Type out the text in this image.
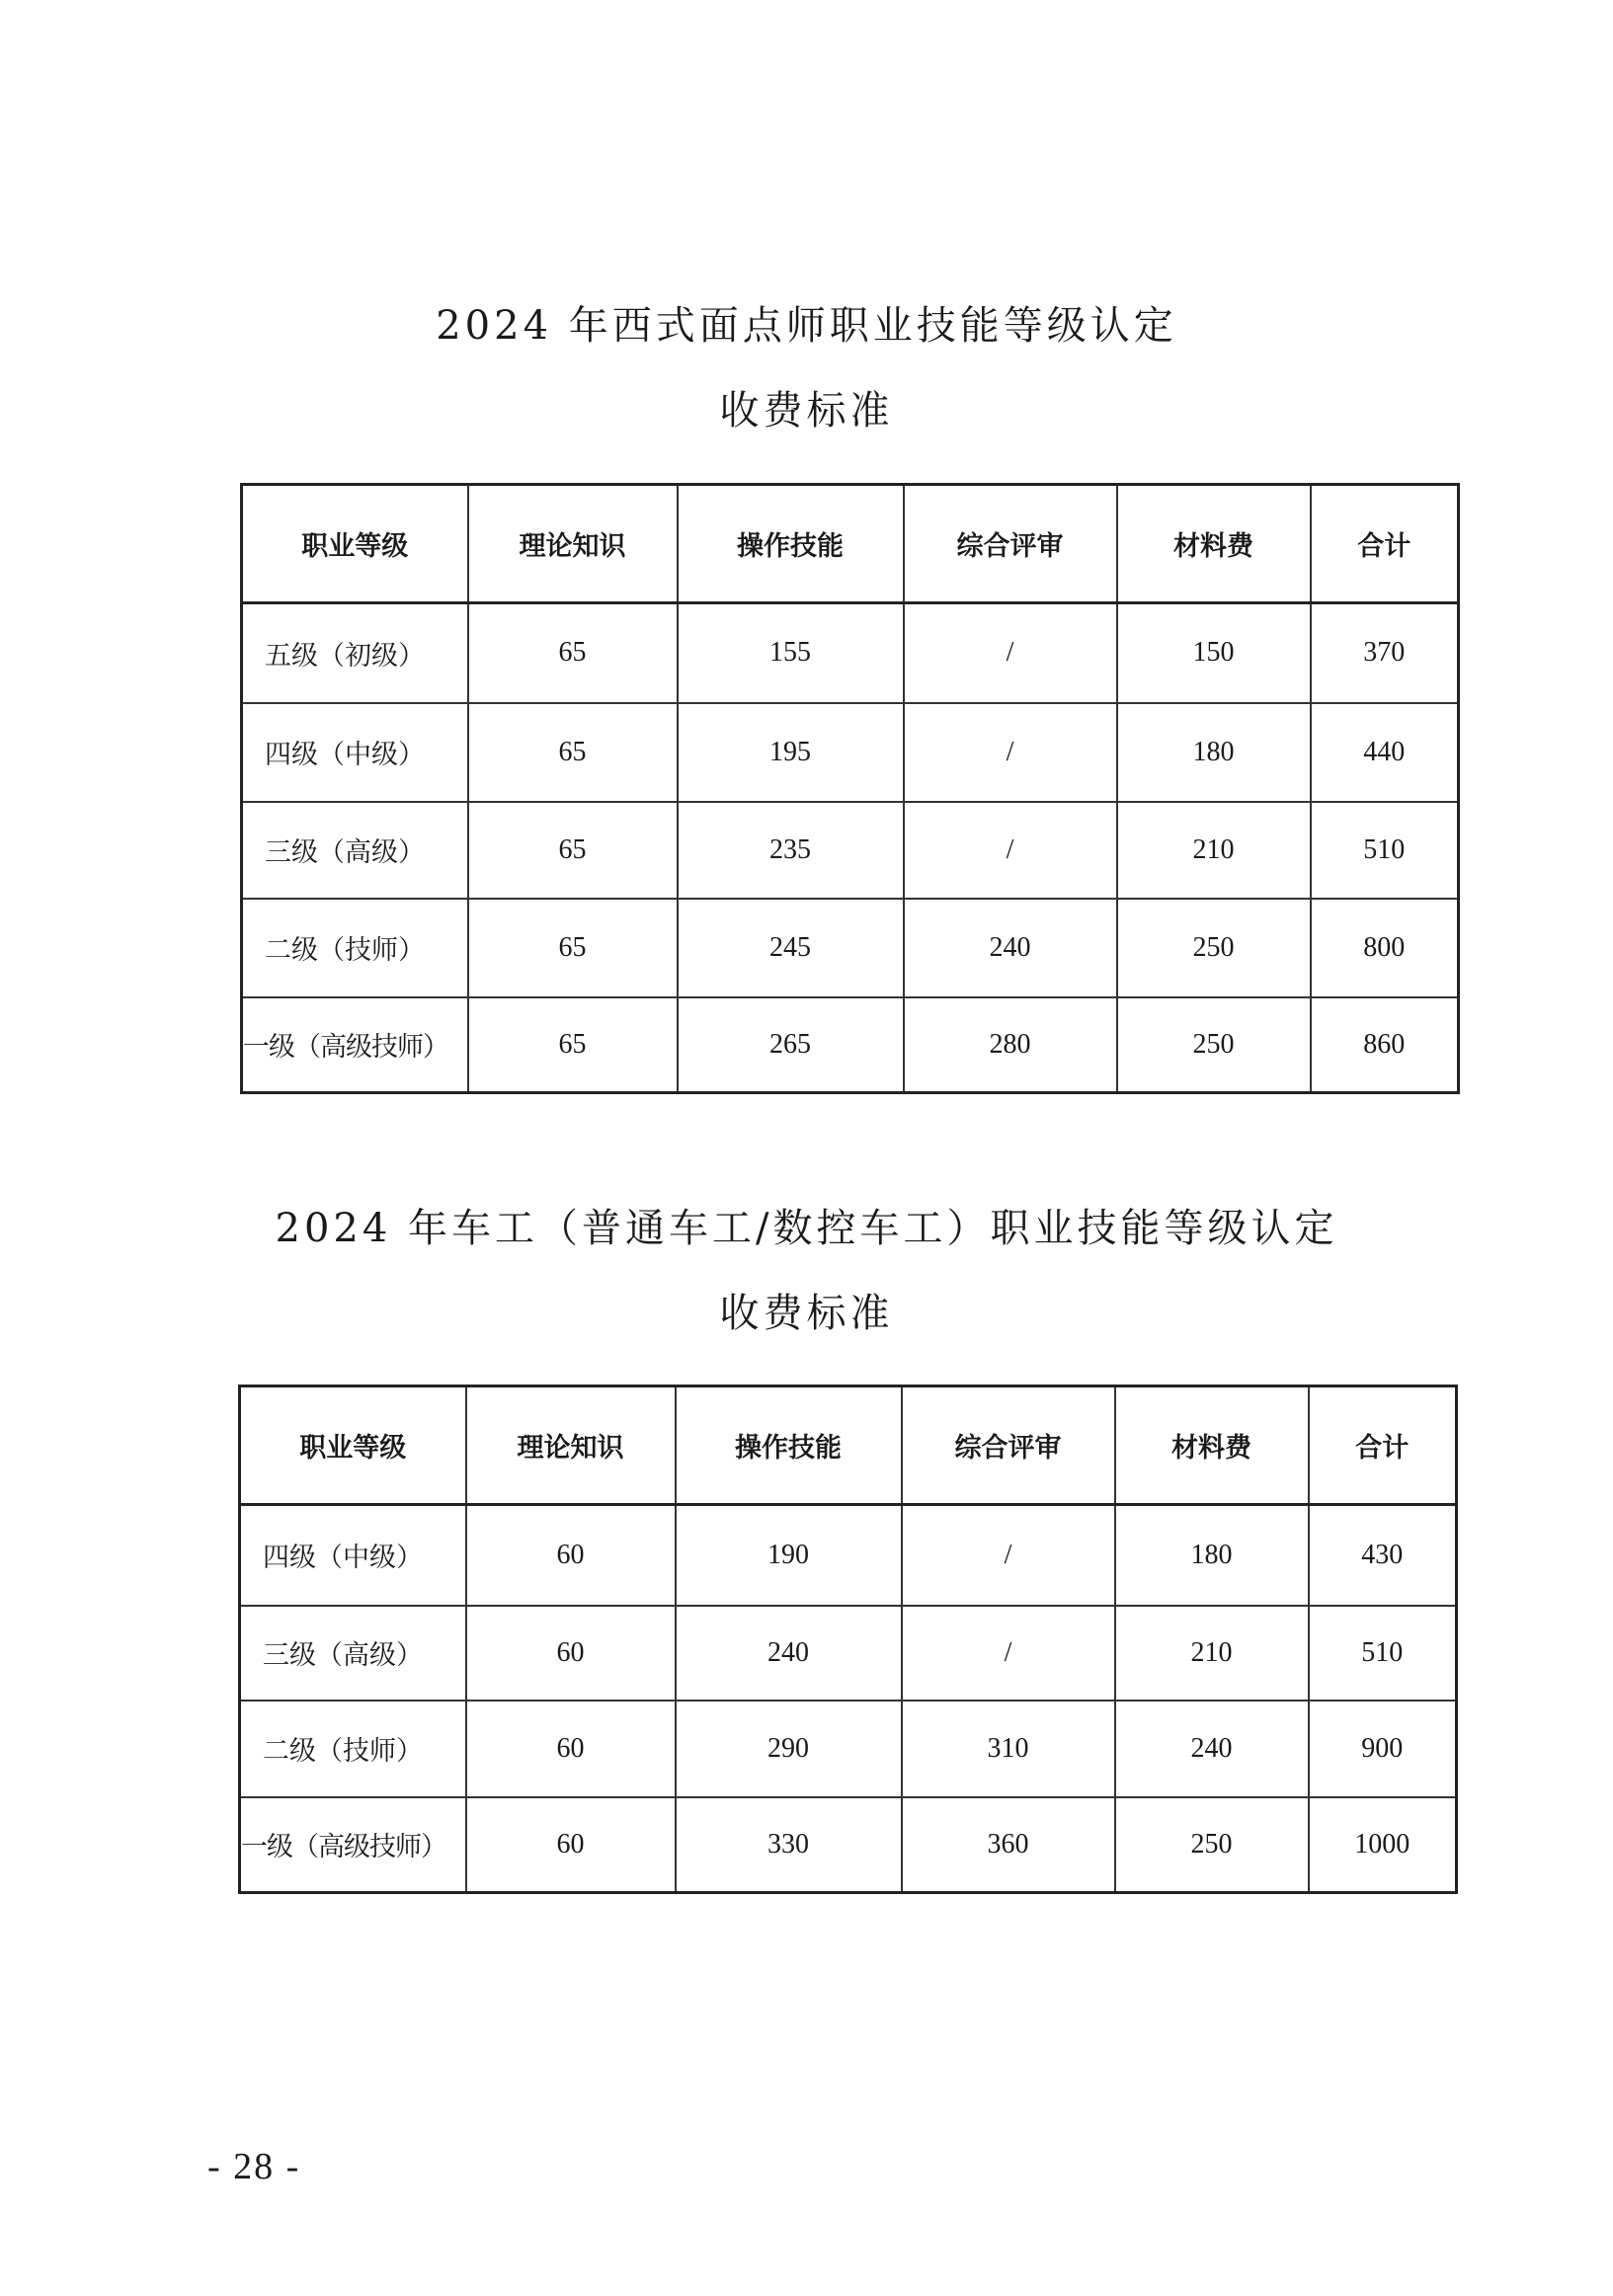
2024 年西式面点师职业技能等级认定
收费标准
职业等级	理论知识	操作技能	综合评审	材料费	合计
五级（初级）	65	155	/	150	370
四级（中级）	65	195	/	180	440
三级（高级）	65	235	/	210	510
二级（技师）	65	245	240	250	800
一级（高级技师）	65	265	280	250	860
2024 年车工（普通车工/数控车工）职业技能等级认定
收费标准
职业等级	理论知识	操作技能	综合评审	材料费	合计
四级（中级）	60	190	/	180	430
三级（高级）	60	240	/	210	510
二级（技师）	60	290	310	240	900
一级（高级技师）	60	330	360	250	1000
- 28 -
